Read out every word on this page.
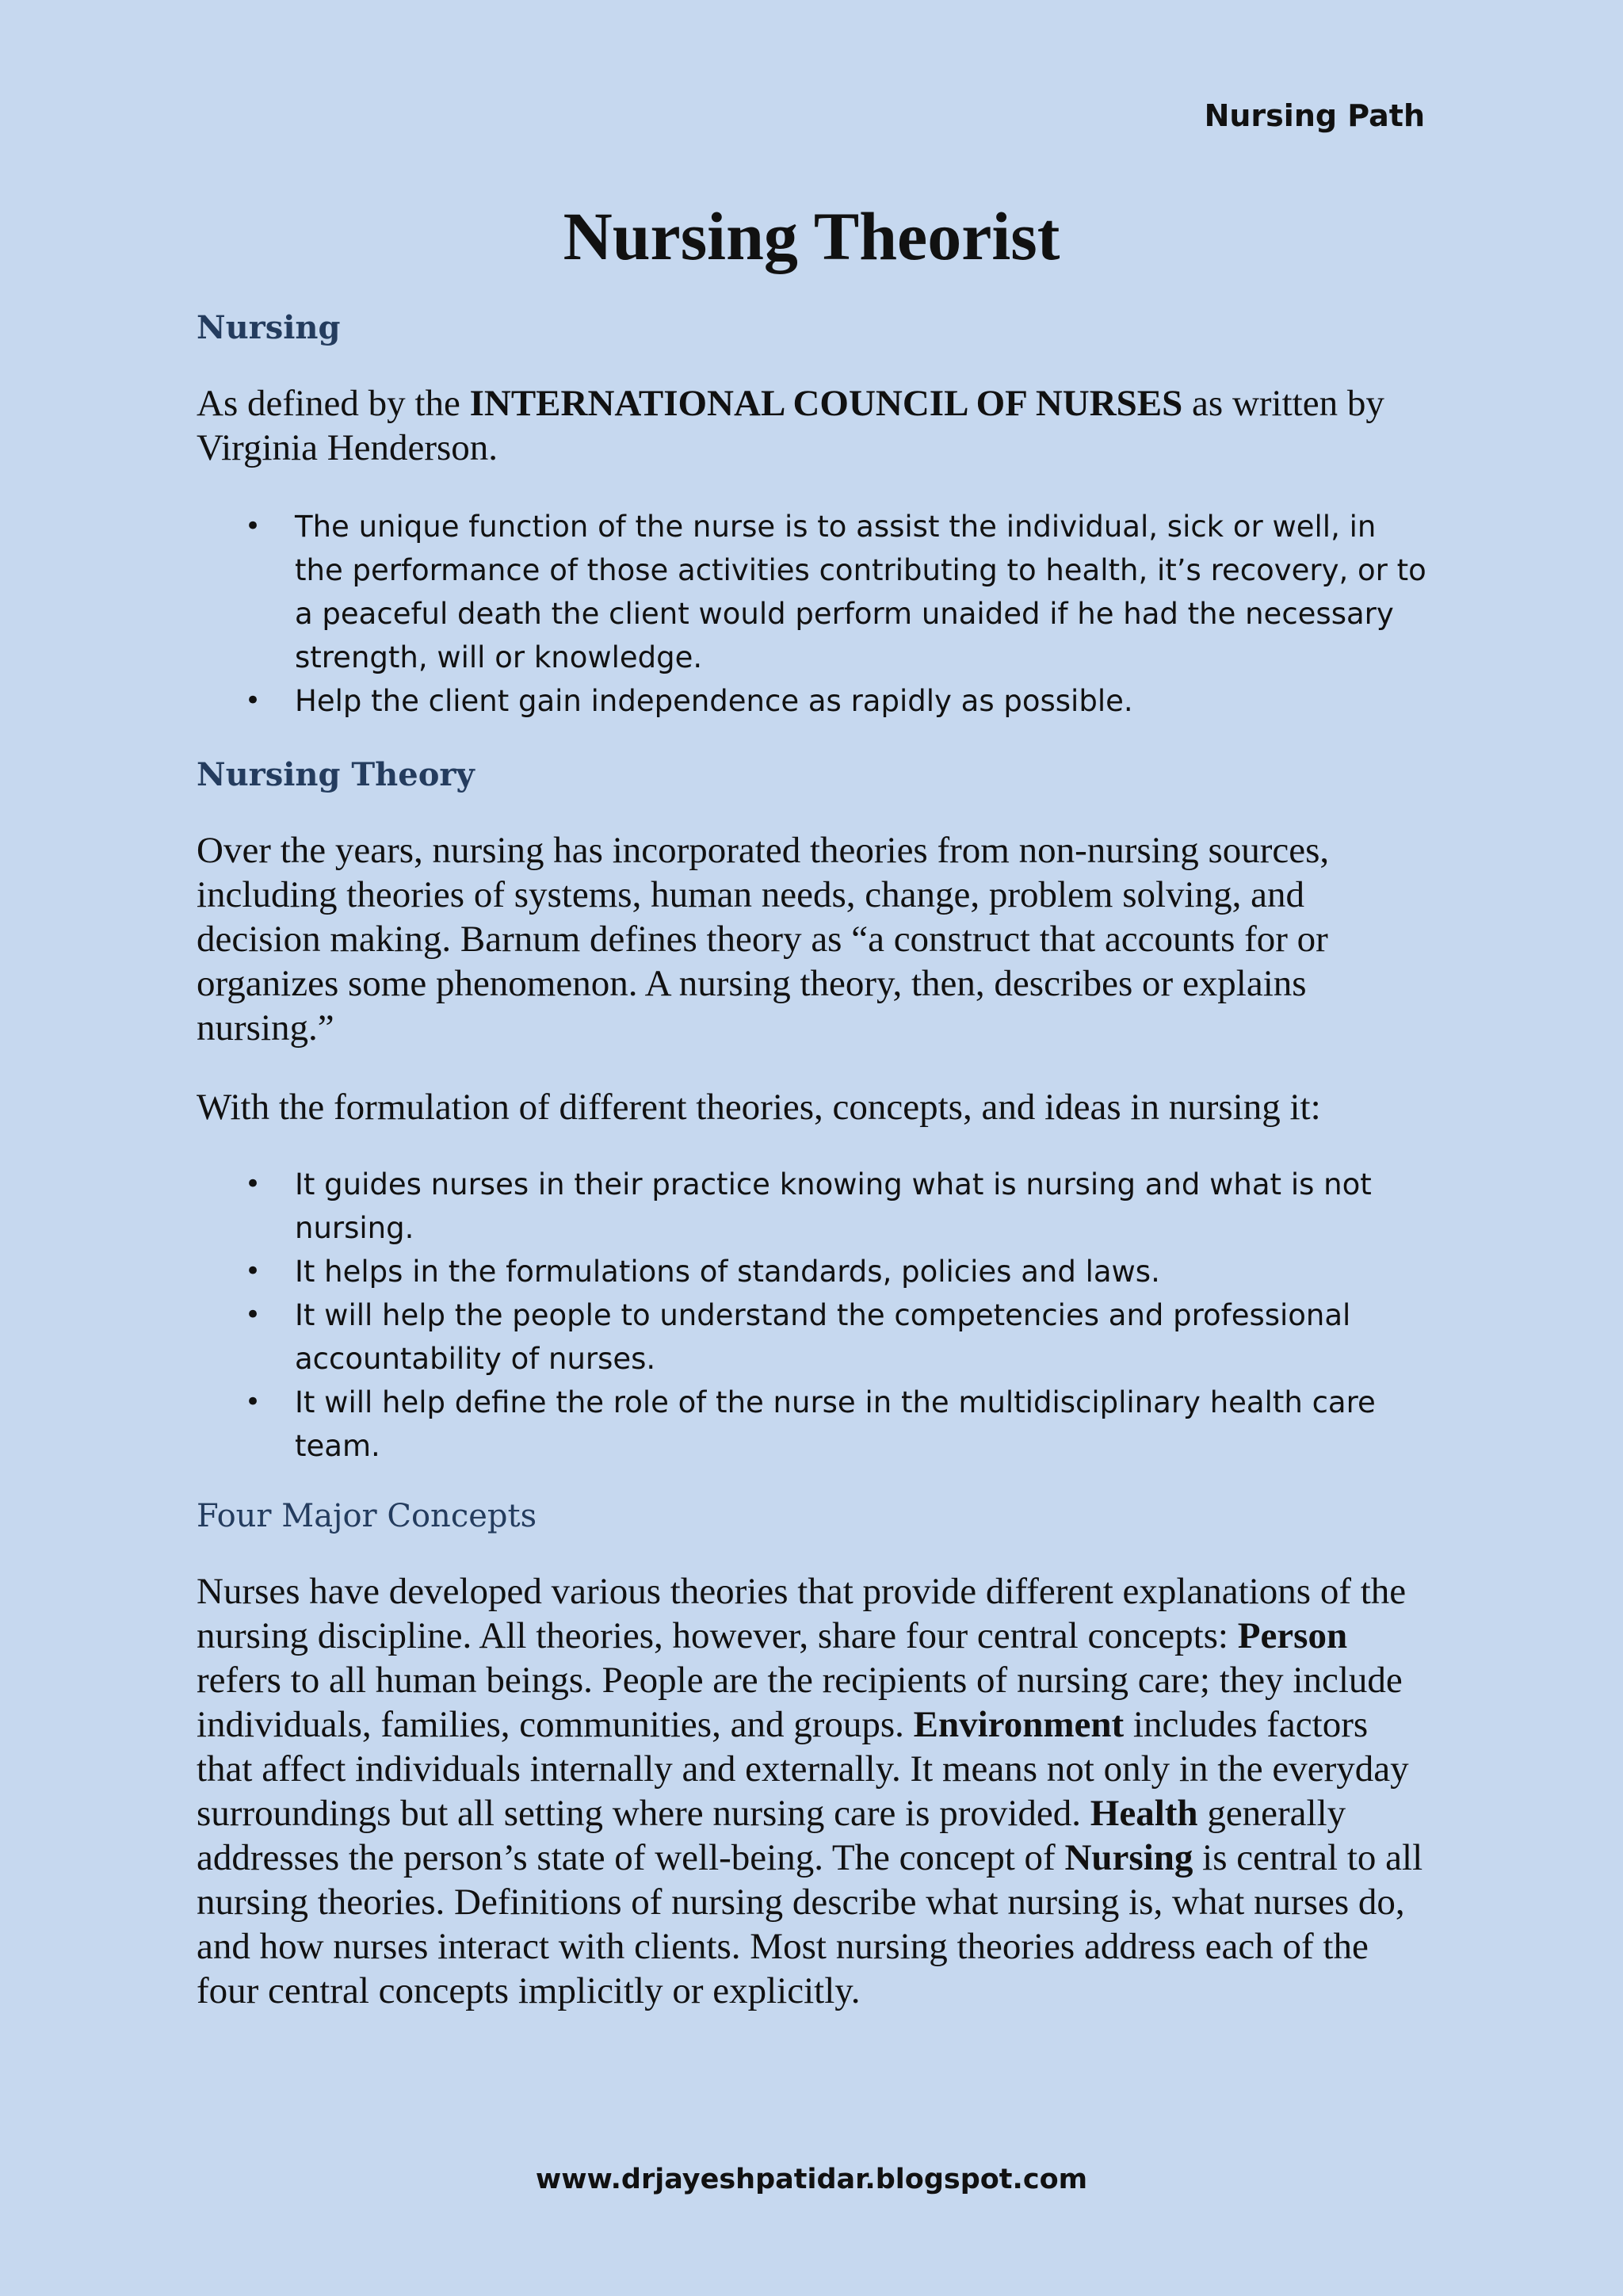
Nursing Path
Nursing Theorist
Nursing

As defined by the INTERNATIONAL COUNCIL OF NURSES as written by Virginia Henderson.

• The unique function of the nurse is to assist the individual, sick or well, in the performance of those activities contributing to health, it’s recovery, or to a peaceful death the client would perform unaided if he had the necessary strength, will or knowledge.
• Help the client gain independence as rapidly as possible.
Nursing Theory

Over the years, nursing has incorporated theories from non-nursing sources, including theories of systems, human needs, change, problem solving, and decision making. Barnum defines theory as “a construct that accounts for or organizes some phenomenon. A nursing theory, then, describes or explains nursing.”

With the formulation of different theories, concepts, and ideas in nursing it:

• It guides nurses in their practice knowing what is nursing and what is not nursing.
• It helps in the formulations of standards, policies and laws.
• It will help the people to understand the competencies and professional accountability of nurses.
• It will help define the role of the nurse in the multidisciplinary health care team.
Four Major Concepts

Nurses have developed various theories that provide different explanations of the nursing discipline. All theories, however, share four central concepts: Person refers to all human beings. People are the recipients of nursing care; they include individuals, families, communities, and groups. Environment includes factors that affect individuals internally and externally. It means not only in the everyday surroundings but all setting where nursing care is provided. Health generally addresses the person’s state of well-being. The concept of Nursing is central to all nursing theories. Definitions of nursing describe what nursing is, what nurses do, and how nurses interact with clients. Most nursing theories address each of the four central concepts implicitly or explicitly.

www.drjayeshpatidar.blogspot.com
